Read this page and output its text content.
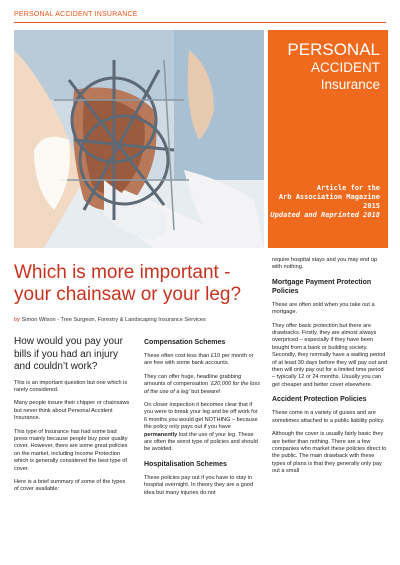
PERSONAL ACCIDENT INSURANCE
PERSONAL
ACCIDENT
Insurance
Article for the
Arb Association Magazine
2015
Updated and Reprinted 2018
Which is more important -
your chainsaw or your leg?
by Simon Wilson - Tree Surgeon, Forestry & Landscaping Insurance Services

How would you pay your bills if you had an injury and couldn’t work?

This is an important question but one which is rarely considered.

Many people insure their chipper or chainsaws but never think about Personal Accident Insurance.

This type of Insurance has had some bad press mainly because people buy poor quality cover. However, there are some great policies on the market, including Income Protection which is generally considered the best type of cover.

Here is a brief summary of some of the types of cover available:

Compensation Schemes

These often cost less than £10 per month or are free with some bank accounts.

They can offer huge, headline grabbing amounts of compensation ‘£20,000 for the loss of the use of a leg’ but beware!

On closer inspection it becomes clear that if you were to break your leg and be off work for 6 months you would get NOTHING – because the policy only pays out if you have permanently lost the use of your leg. These are often the worst type of policies and should be avoided.

Hospitalisation Schemes

These policies pay out if you have to stay in hospital overnight. In theory they are a good idea but many injuries do not

require hospital stays and you may end up with nothing.

Mortgage Payment Protection Policies

These are often sold when you take out a mortgage.

They offer basic protection but there are drawbacks. Firstly, they are almost always overpriced – especially if they have been bought from a bank or building society. Secondly, they normally have a waiting period of at least 30 days before they will pay out and then will only pay out for a limited time period – typically 12 or 24 months. Usually you can get cheaper and better cover elsewhere.

Accident Protection Policies

These come in a variety of guises and are sometimes attached to a public liability policy.

Although the cover is usually fairly basic they are better than nothing. There are a few companies who market these policies direct to the public. The main drawback with these types of plans is that they generally only pay out a small
